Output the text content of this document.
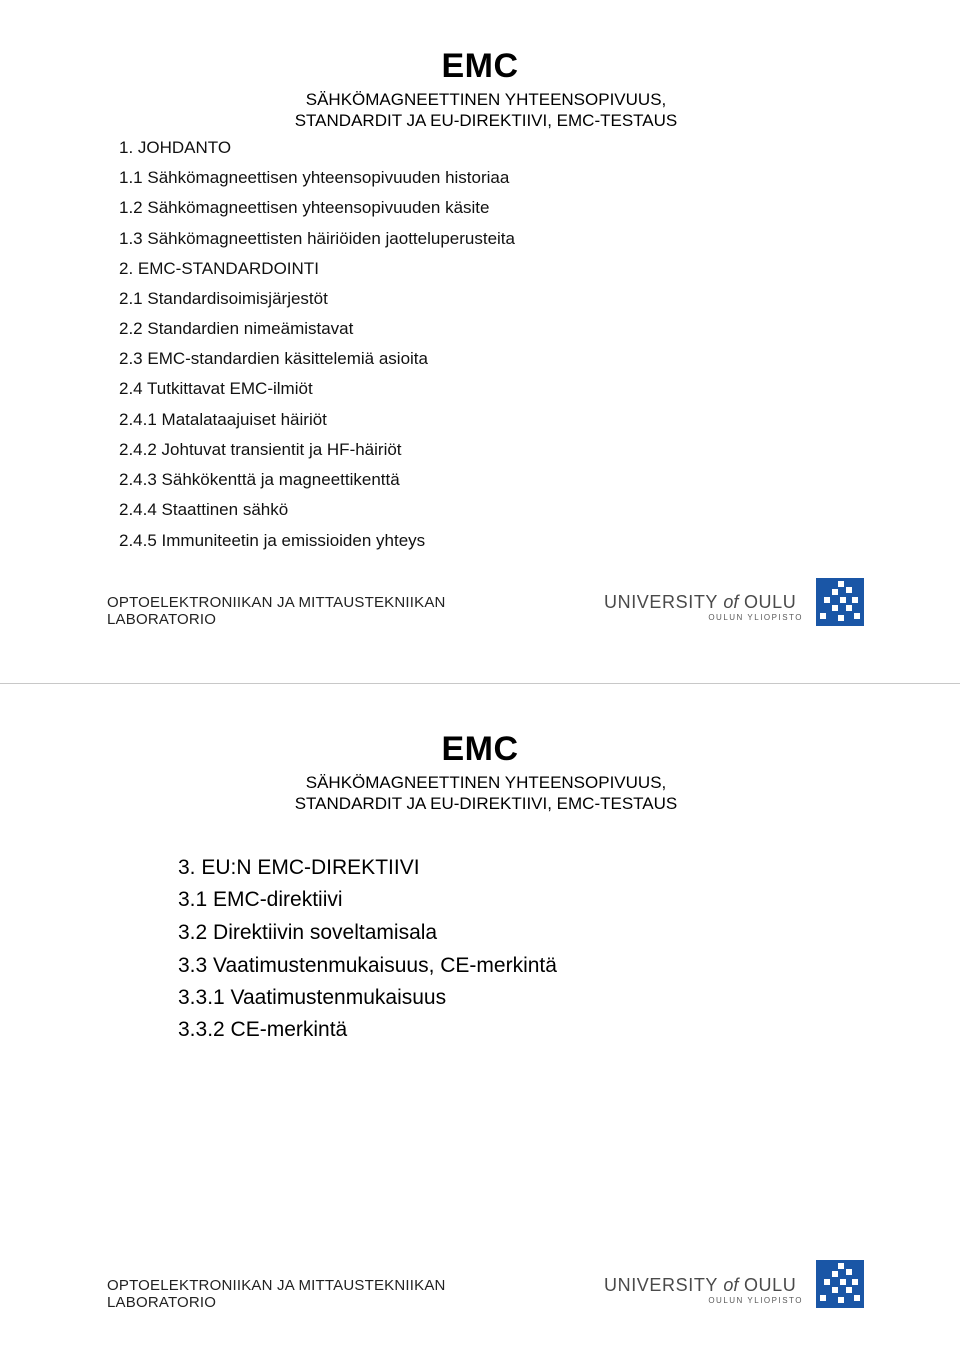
EMC
SÄHKÖMAGNEETTINEN YHTEENSOPIVUUS,
STANDARDIT JA EU-DIREKTIIVI, EMC-TESTAUS
1. JOHDANTO
1.1 Sähkömagneettisen yhteensopivuuden historiaa
1.2 Sähkömagneettisen yhteensopivuuden käsite
1.3 Sähkömagneettisten häiriöiden jaotteluperusteita
2. EMC-STANDARDOINTI
2.1 Standardisoimisjärjestöt
2.2 Standardien nimeämistavat
2.3 EMC-standardien käsittelemiä asioita
2.4 Tutkittavat EMC-ilmiöt
2.4.1 Matalataajuiset häiriöt
2.4.2 Johtuvat transientit ja HF-häiriöt
2.4.3 Sähkökenttä ja magneettikenttä
2.4.4 Staattinen sähkö
2.4.5 Immuniteetin ja emissioiden yhteys
OPTOELEKTRONIIKAN JA MITTAUSTEKNIIKAN
LABORATORIO
UNIVERSITY of OULU
OULUN YLIOPISTO
EMC
SÄHKÖMAGNEETTINEN YHTEENSOPIVUUS,
STANDARDIT JA EU-DIREKTIIVI, EMC-TESTAUS
3. EU:N EMC-DIREKTIIVI
3.1 EMC-direktiivi
3.2 Direktiivin soveltamisala
3.3 Vaatimustenmukaisuus, CE-merkintä
3.3.1 Vaatimustenmukaisuus
3.3.2 CE-merkintä
OPTOELEKTRONIIKAN JA MITTAUSTEKNIIKAN
LABORATORIO
UNIVERSITY of OULU
OULUN YLIOPISTO
